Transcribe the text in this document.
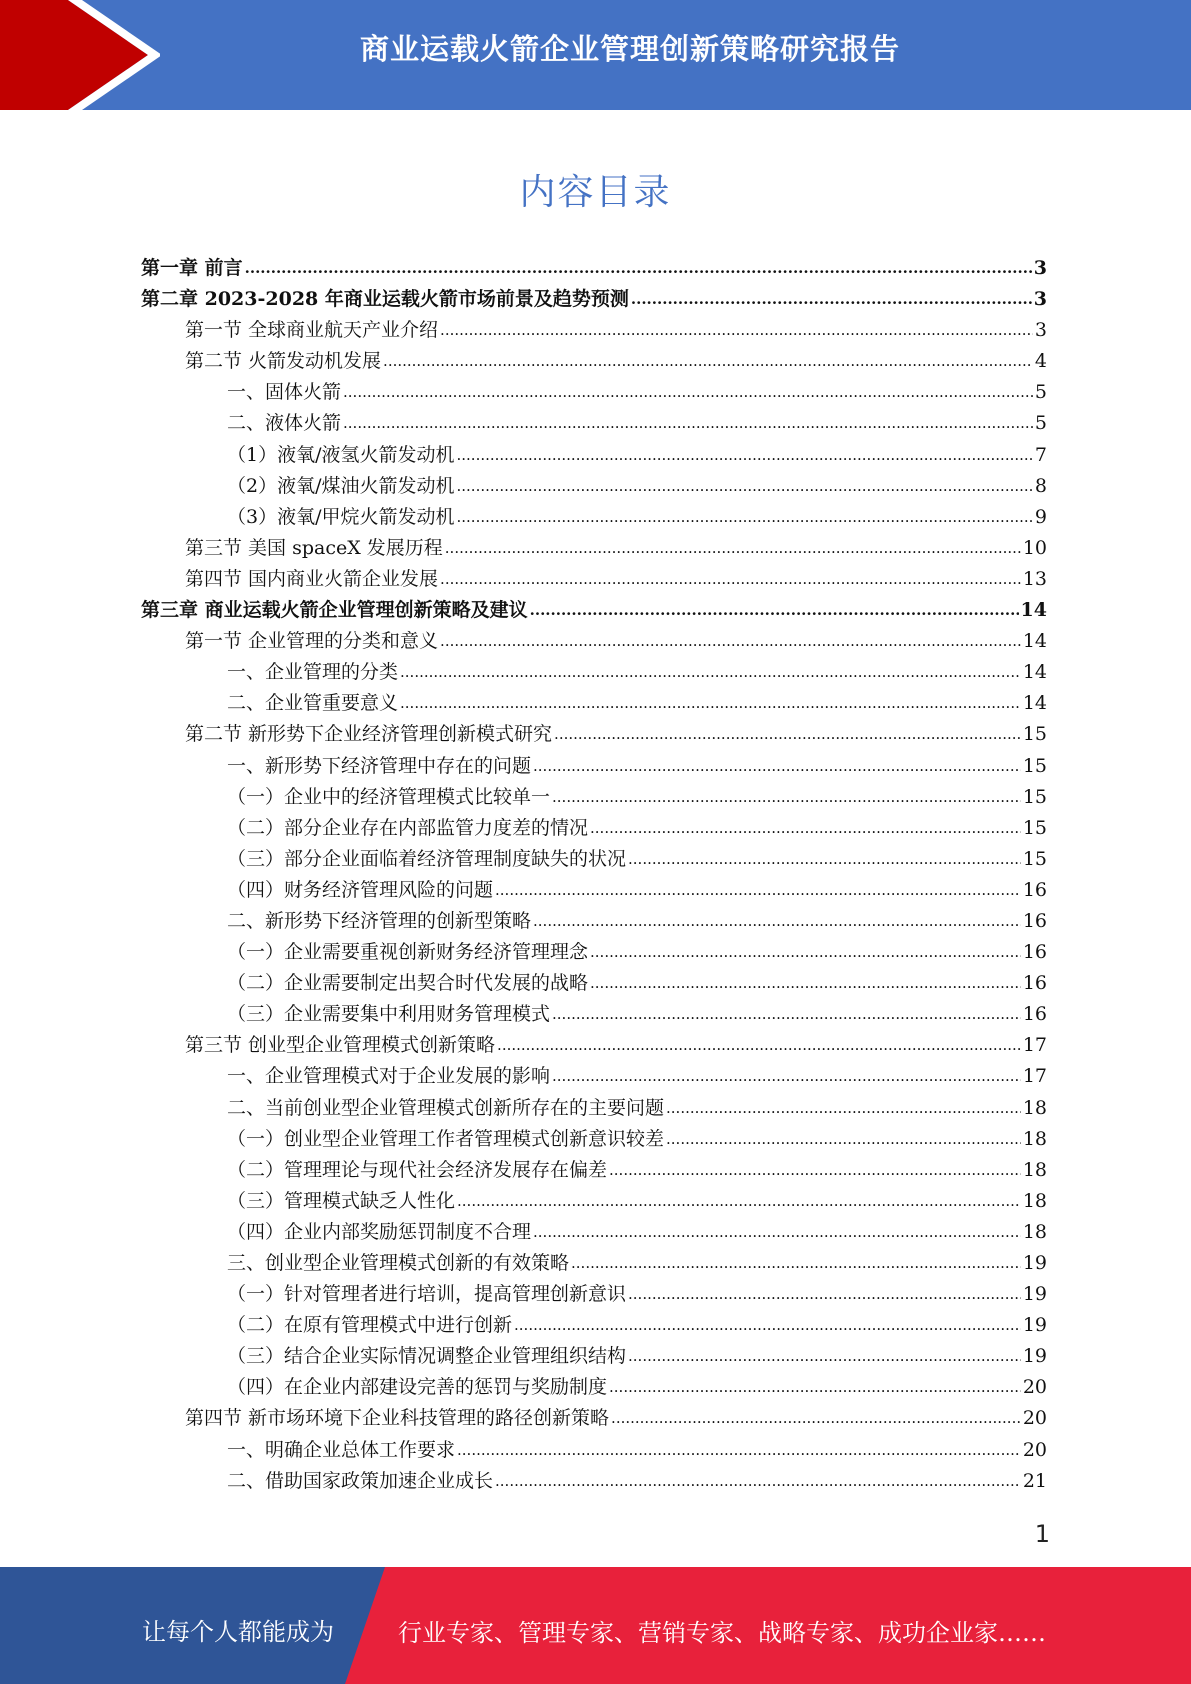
商业运载火箭企业管理创新策略研究报告
内容目录
第一章 前言 .....	3
第二章 2023-2028 年商业运载火箭市场前景及趋势预测 .....	3
第一节 全球商业航天产业介绍 .....	3
第二节 火箭发动机发展 .....	4
一、固体火箭 .....	5
二、液体火箭 .....	5
（1）液氧/液氢火箭发动机 .....	7
（2）液氧/煤油火箭发动机 .....	8
（3）液氧/甲烷火箭发动机 .....	9
第三节 美国 spaceX 发展历程 .....	10
第四节 国内商业火箭企业发展 .....	13
第三章 商业运载火箭企业管理创新策略及建议 .....	14
第一节 企业管理的分类和意义 .....	14
一、企业管理的分类 .....	14
二、企业管重要意义 .....	14
第二节 新形势下企业经济管理创新模式研究 .....	15
一、新形势下经济管理中存在的问题 .....	15
（一）企业中的经济管理模式比较单一 .....	15
（二）部分企业存在内部监管力度差的情况 .....	15
（三）部分企业面临着经济管理制度缺失的状况 .....	15
（四）财务经济管理风险的问题 .....	16
二、新形势下经济管理的创新型策略 .....	16
（一）企业需要重视创新财务经济管理理念 .....	16
（二）企业需要制定出契合时代发展的战略 .....	16
（三）企业需要集中利用财务管理模式 .....	16
第三节 创业型企业管理模式创新策略 .....	17
一、企业管理模式对于企业发展的影响 .....	17
二、当前创业型企业管理模式创新所存在的主要问题 .....	18
（一）创业型企业管理工作者管理模式创新意识较差 .....	18
（二）管理理论与现代社会经济发展存在偏差 .....	18
（三）管理模式缺乏人性化 .....	18
（四）企业内部奖励惩罚制度不合理 .....	18
三、创业型企业管理模式创新的有效策略 .....	19
（一）针对管理者进行培训，提高管理创新意识 .....	19
（二）在原有管理模式中进行创新 .....	19
（三）结合企业实际情况调整企业管理组织结构 .....	19
（四）在企业内部建设完善的惩罚与奖励制度 .....	20
第四节 新市场环境下企业科技管理的路径创新策略 .....	20
一、明确企业总体工作要求 .....	20
二、借助国家政策加速企业成长 .....	21
1
让每个人都能成为	行业专家、管理专家、营销专家、战略专家、成功企业家……
